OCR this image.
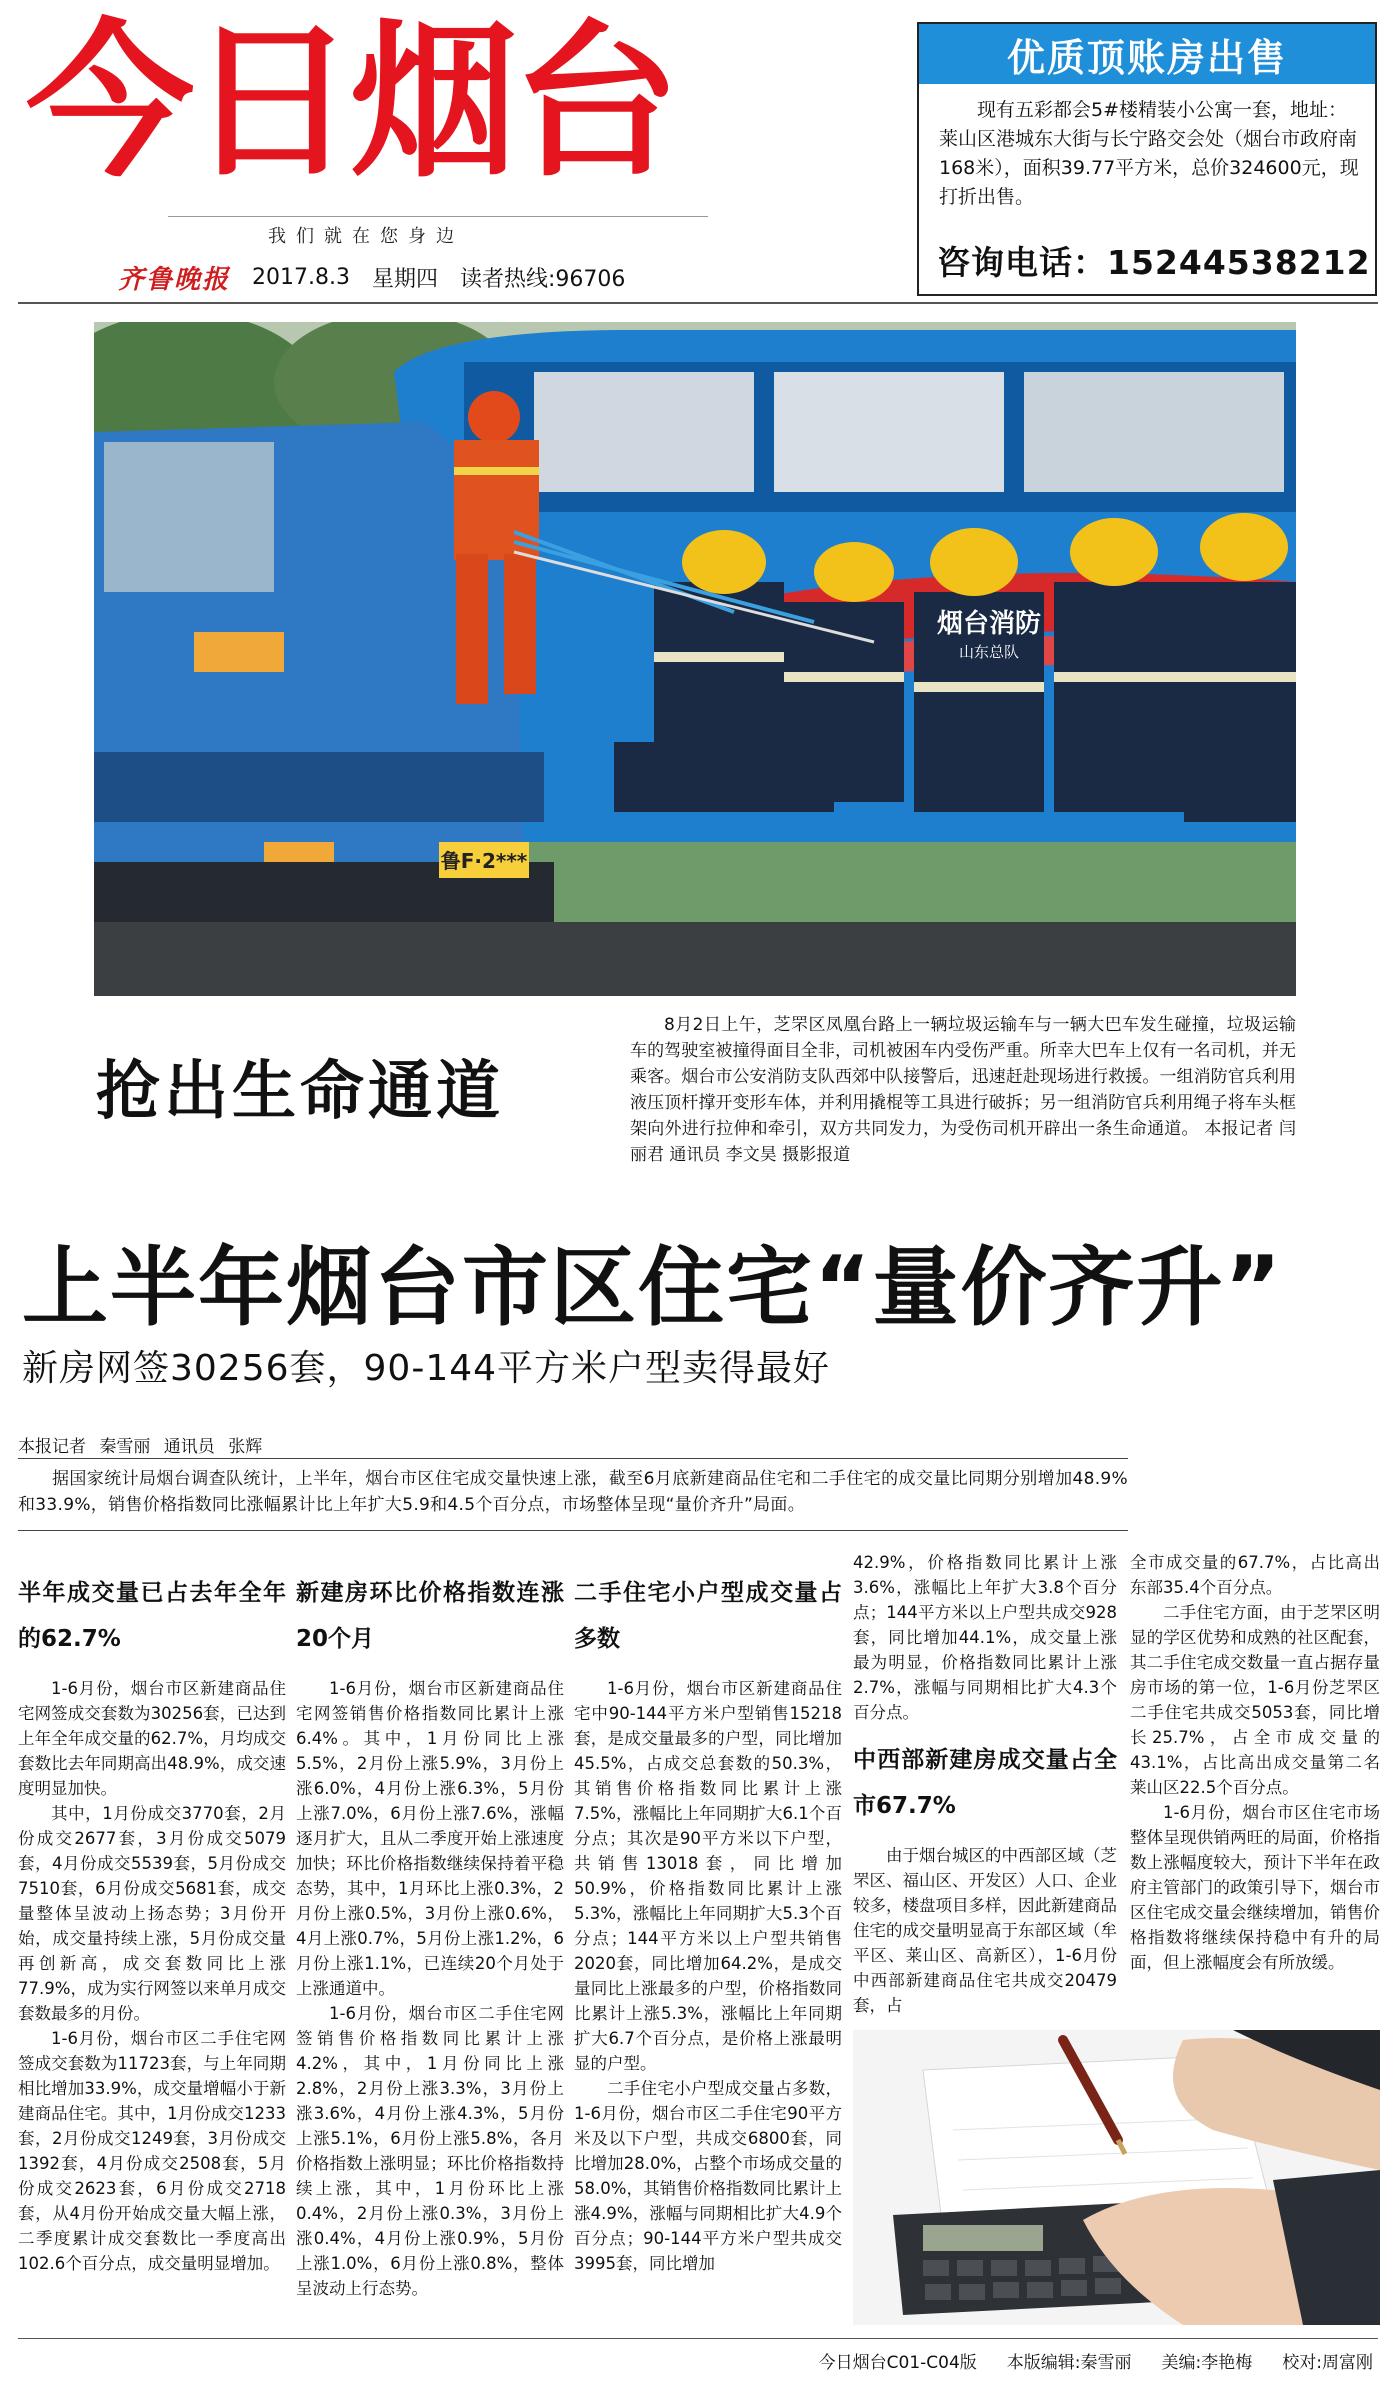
今日烟台
我们就在您身边
齐鲁晚报 2017.8.3 星期四 读者热线:96706
优质顶账房出售
现有五彩都会5#楼精装小公寓一套，地址：莱山区港城东大街与长宁路交会处（烟台市政府南168米），面积39.77平方米，总价324600元，现打折出售。
咨询电话：15244538212
鲁F·2***
烟台消防
山东总队
抢出生命通道
8月2日上午，芝罘区凤凰台路上一辆垃圾运输车与一辆大巴车发生碰撞，垃圾运输车的驾驶室被撞得面目全非，司机被困车内受伤严重。所幸大巴车上仅有一名司机，并无乘客。烟台市公安消防支队西郊中队接警后，迅速赶赴现场进行救援。一组消防官兵利用液压顶杆撑开变形车体，并利用撬棍等工具进行破拆；另一组消防官兵利用绳子将车头框架向外进行拉伸和牵引，双方共同发力，为受伤司机开辟出一条生命通道。 本报记者 闫丽君 通讯员 李文昊 摄影报道
上半年烟台市区住宅“量价齐升”
新房网签30256套，90-144平方米户型卖得最好
本报记者 秦雪丽 通讯员 张辉
据国家统计局烟台调查队统计，上半年，烟台市区住宅成交量快速上涨，截至6月底新建商品住宅和二手住宅的成交量比同期分别增加48.9%和33.9%，销售价格指数同比涨幅累计比上年扩大5.9和4.5个百分点，市场整体呈现“量价齐升”局面。
半年成交量已占去年全年的62.7%

1-6月份，烟台市区新建商品住宅网签成交套数为30256套，已达到上年全年成交量的62.7%，月均成交套数比去年同期高出48.9%，成交速度明显加快。

其中，1月份成交3770套，2月份成交2677套，3月份成交5079套，4月份成交5539套，5月份成交7510套，6月份成交5681套，成交量整体呈波动上扬态势；3月份开始，成交量持续上涨，5月份成交量再创新高，成交套数同比上涨77.9%，成为实行网签以来单月成交套数最多的月份。

1-6月份，烟台市区二手住宅网签成交套数为11723套，与上年同期相比增加33.9%，成交量增幅小于新建商品住宅。其中，1月份成交1233套，2月份成交1249套，3月份成交1392套，4月份成交2508套，5月份成交2623套，6月份成交2718套，从4月份开始成交量大幅上涨，二季度累计成交套数比一季度高出102.6个百分点，成交量明显增加。

新建房环比价格指数连涨20个月

1-6月份，烟台市区新建商品住宅网签销售价格指数同比累计上涨6.4%。其中，1月份同比上涨5.5%，2月份上涨5.9%，3月份上涨6.0%，4月份上涨6.3%，5月份上涨7.0%，6月份上涨7.6%，涨幅逐月扩大，且从二季度开始上涨速度加快；环比价格指数继续保持着平稳态势，其中，1月环比上涨0.3%，2月份上涨0.5%，3月份上涨0.6%，4月上涨0.7%，5月份上涨1.2%，6月份上涨1.1%，已连续20个月处于上涨通道中。

1-6月份，烟台市区二手住宅网签销售价格指数同比累计上涨4.2%，其中，1月份同比上涨2.8%，2月份上涨3.3%，3月份上涨3.6%，4月份上涨4.3%，5月份上涨5.1%，6月份上涨5.8%，各月价格指数上涨明显；环比价格指数持续上涨，其中，1月份环比上涨0.4%，2月份上涨0.3%，3月份上涨0.4%，4月份上涨0.9%，5月份上涨1.0%，6月份上涨0.8%，整体呈波动上行态势。

二手住宅小户型成交量占多数

1-6月份，烟台市区新建商品住宅中90-144平方米户型销售15218套，是成交量最多的户型，同比增加45.5%，占成交总套数的50.3%，其销售价格指数同比累计上涨7.5%，涨幅比上年同期扩大6.1个百分点；其次是90平方米以下户型，共销售13018套，同比增加50.9%，价格指数同比累计上涨5.3%，涨幅比上年同期扩大5.3个百分点；144平方米以上户型共销售2020套，同比增加64.2%，是成交量同比上涨最多的户型，价格指数同比累计上涨5.3%，涨幅比上年同期扩大6.7个百分点，是价格上涨最明显的户型。

二手住宅小户型成交量占多数，1-6月份，烟台市区二手住宅90平方米及以下户型，共成交6800套，同比增加28.0%，占整个市场成交量的58.0%，其销售价格指数同比累计上涨4.9%，涨幅与同期相比扩大4.9个百分点；90-144平方米户型共成交3995套，同比增加

42.9%，价格指数同比累计上涨3.6%，涨幅比上年扩大3.8个百分点；144平方米以上户型共成交928套，同比增加44.1%，成交量上涨最为明显，价格指数同比累计上涨2.7%，涨幅与同期相比扩大4.3个百分点。
中西部新建房成交量占全市67.7%

由于烟台城区的中西部区域（芝罘区、福山区、开发区）人口、企业较多，楼盘项目多样，因此新建商品住宅的成交量明显高于东部区域（牟平区、莱山区、高新区），1-6月份中西部新建商品住宅共成交20479套，占

全市成交量的67.7%，占比高出东部35.4个百分点。

二手住宅方面，由于芝罘区明显的学区优势和成熟的社区配套，其二手住宅成交数量一直占据存量房市场的第一位，1-6月份芝罘区二手住宅共成交5053套，同比增长25.7%，占全市成交量的43.1%，占比高出成交量第二名莱山区22.5个百分点。

1-6月份，烟台市区住宅市场整体呈现供销两旺的局面，价格指数上涨幅度较大，预计下半年在政府主管部门的政策引导下，烟台市区住宅成交量会继续增加，销售价格指数将继续保持稳中有升的局面，但上涨幅度会有所放缓。

今日烟台C01-C04版 本版编辑:秦雪丽 美编:李艳梅 校对:周富刚
